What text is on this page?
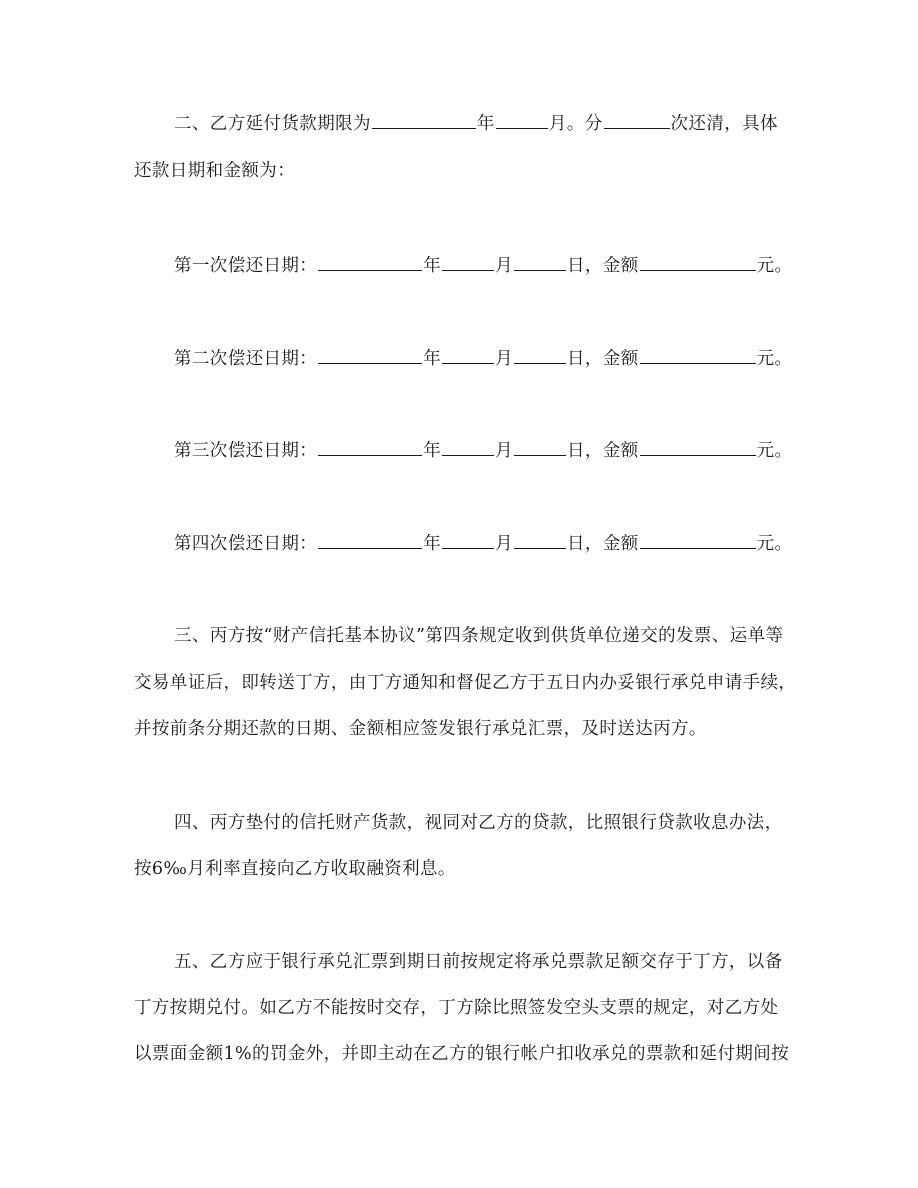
二、乙方延付货款期限为	年	月。分	次还清，具体
还款日期和金额为：
第一次偿还日期：	年	月	日，金额	元。
第二次偿还日期：	年	月	日，金额	元。
第三次偿还日期：	年	月	日，金额	元。
第四次偿还日期：	年	月	日，金额	元。
三、丙方按“财产信托基本协议”第四条规定收到供货单位递交的发票、运单等
交易单证后，即转送丁方，由丁方通知和督促乙方于五日内办妥银行承兑申请手续，
并按前条分期还款的日期、金额相应签发银行承兑汇票，及时送达丙方。
四、丙方垫付的信托财产货款，视同对乙方的贷款，比照银行贷款收息办法，
按6‰月利率直接向乙方收取融资利息。
五、乙方应于银行承兑汇票到期日前按规定将承兑票款足额交存于丁方，以备
丁方按期兑付。如乙方不能按时交存，丁方除比照签发空头支票的规定，对乙方处
以票面金额1%的罚金外，并即主动在乙方的银行帐户扣收承兑的票款和延付期间按
